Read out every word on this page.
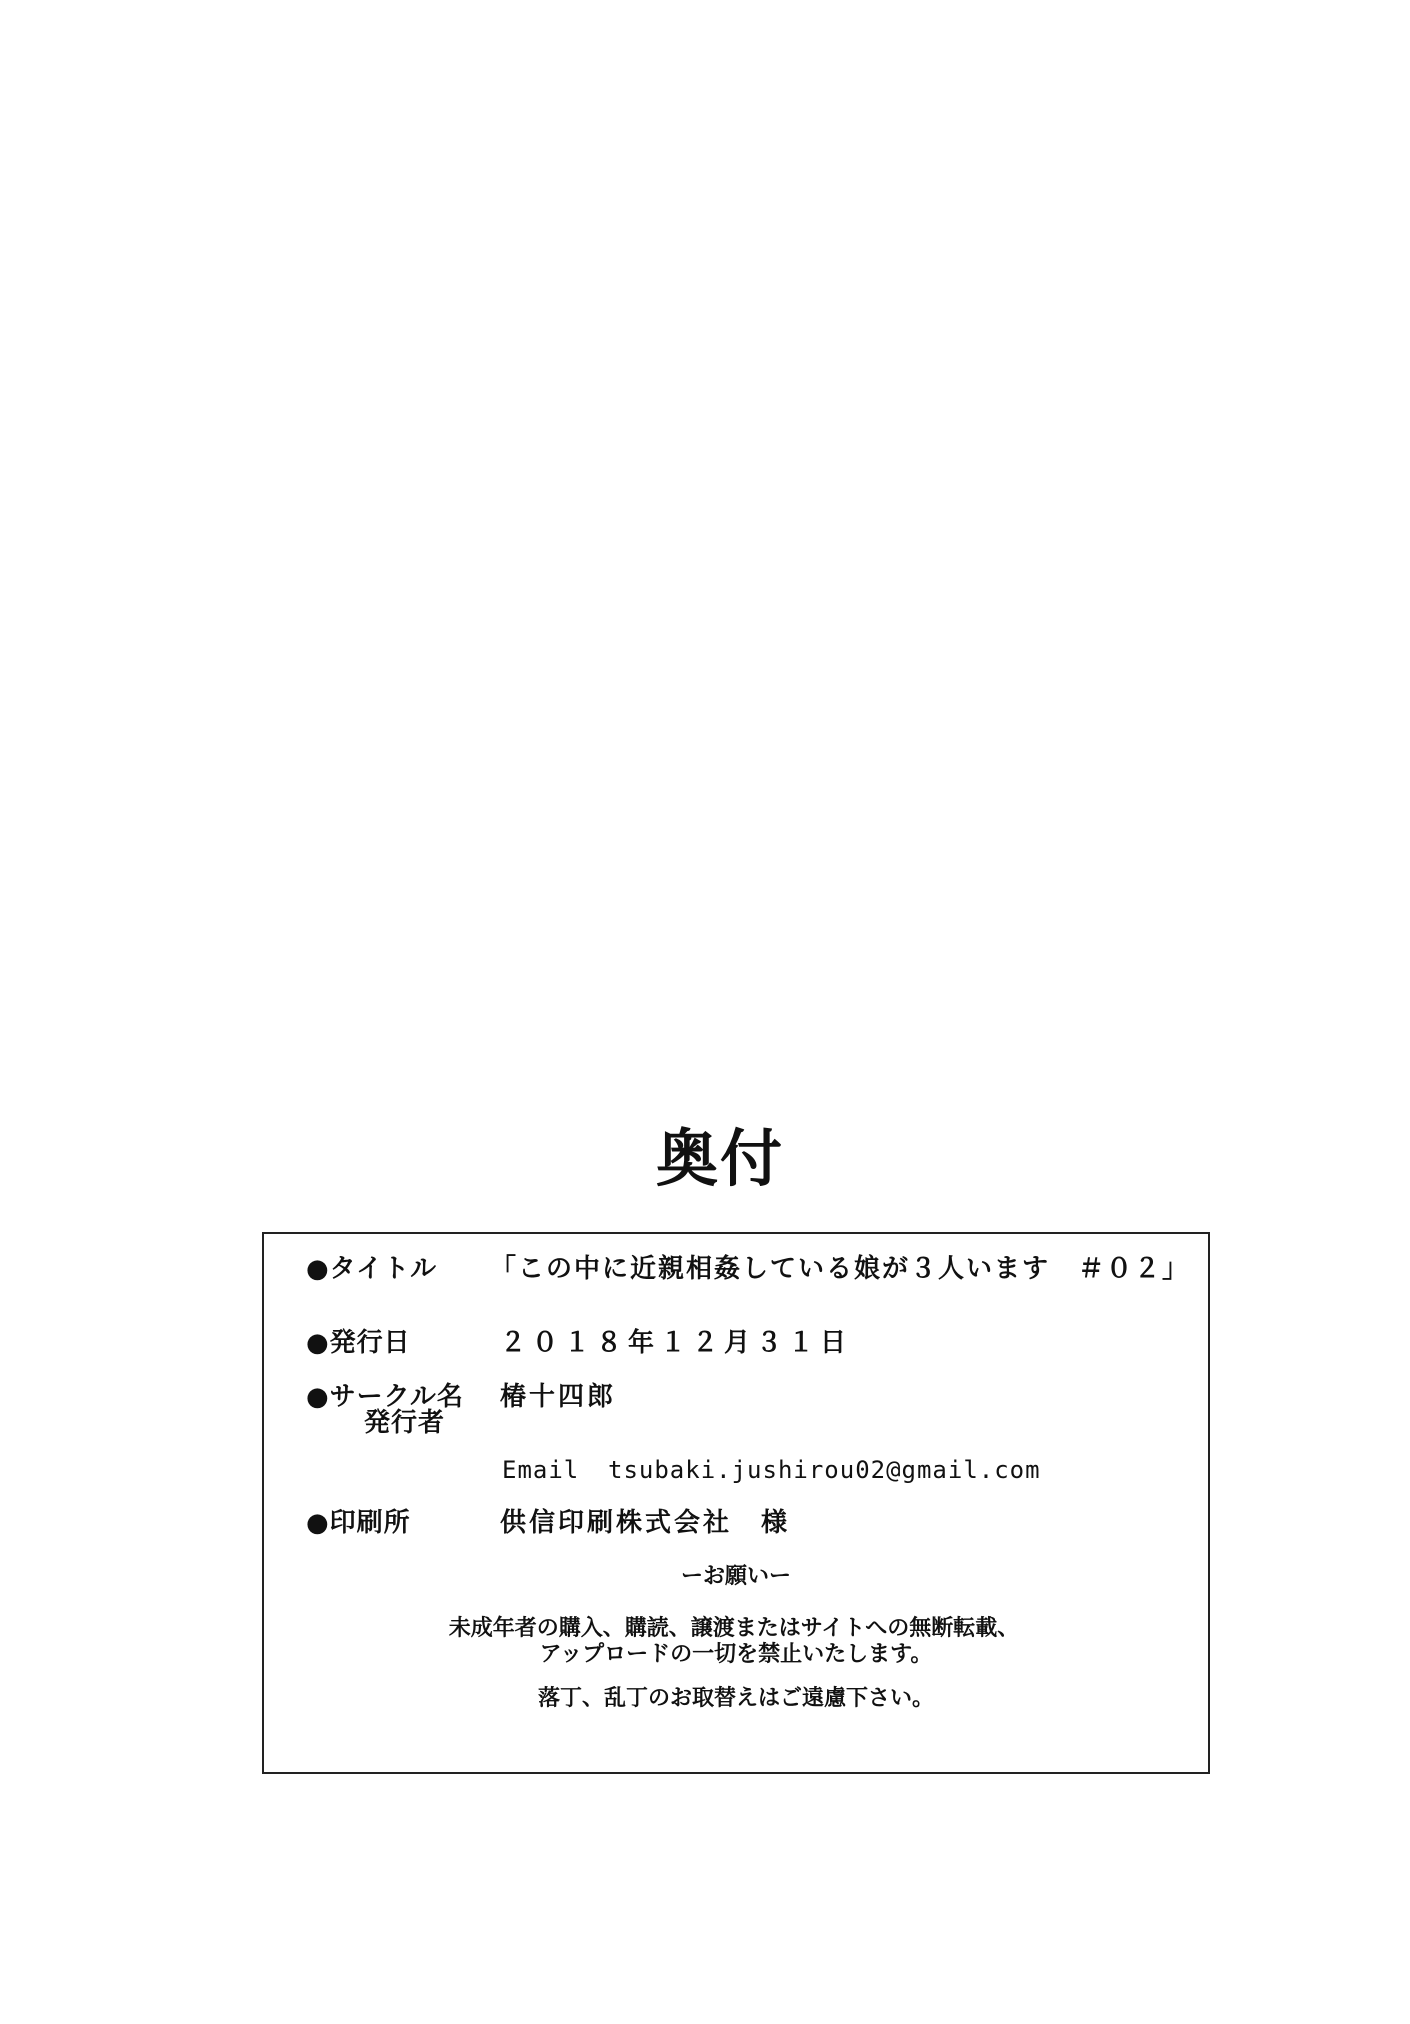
奥付
●タイトル 「この中に近親相姦している娘が３人います　＃０２」
●発行日	２０１８年１２月３１日
●サークル名
発行者
椿十四郎
Email tsubaki.jushirou02@gmail.com
●印刷所	供信印刷株式会社　様
ーお願いー
未成年者の購入、購読、譲渡またはサイトへの無断転載、
アップロードの一切を禁止いたします。
落丁、乱丁のお取替えはご遠慮下さい。
